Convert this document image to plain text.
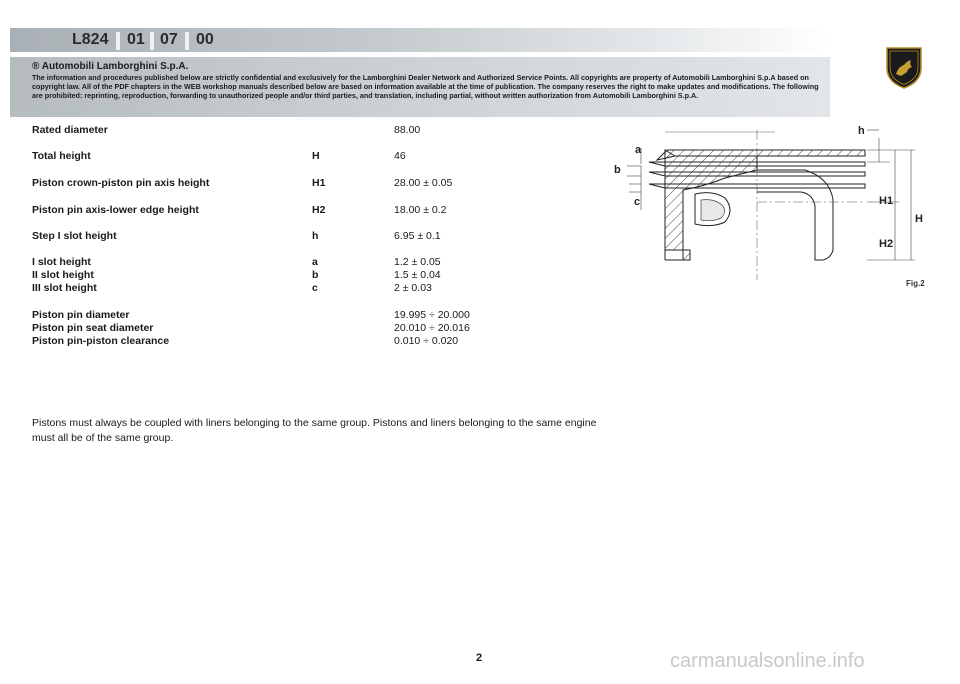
L824 01 07 00
® Automobili Lamborghini S.p.A.
The information and procedures published below are strictly confidential and exclusively for the Lamborghini Dealer Network and Authorized Service Points. All copyrights are property of Automobili Lamborghini S.p.A based on copyright law. All of the PDF chapters in the WEB workshop manuals described below are based on information available at the time of publication. The company reserves the right to make updates and modifications. The following are prohibited: reprinting, reproduction, forwarding to unauthorized people and/or third parties, and translation, including partial, without written authorization from Automobili Lamborghini S.p.A.
Rated diameter	88.00
Total height	H	46
Piston crown-piston pin axis height	H1	28.00 ± 0.05
Piston pin axis-lower edge height	H2	18.00 ± 0.2
Step I slot height	h	6.95 ± 0.1
I slot height	a	1.2 ± 0.05
II slot height	b	1.5 ± 0.04
III slot height	c	2 ± 0.03
Piston pin diameter	19.995 ÷ 20.000
Piston pin seat diameter	20.010 ÷ 20.016
Piston pin-piston clearance	0.010 ÷ 0.020
a
b
c
h
H1
H2
H
Fig.2
Pistons must always be coupled with liners belonging to the same group. Pistons and liners belonging to the same engine must all be of the same group.
2	carmanualsonline.info
